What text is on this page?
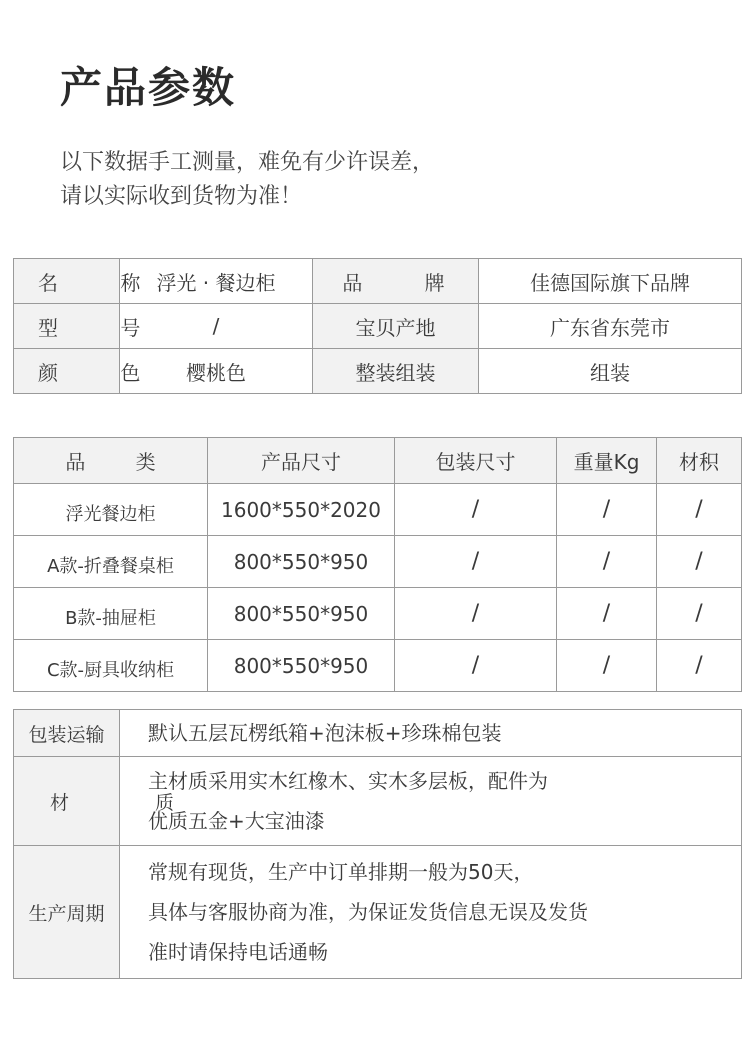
产品参数
以下数据手工测量，难免有少许误差，
请以实际收到货物为准！
名 称	浮光 · 餐边柜	品 牌	佳德国际旗下品牌
型 号	/	宝贝产地	广东省东莞市
颜 色	樱桃色	整装组装	组装
品 类	产品尺寸	包装尺寸	重量Kg	材积
浮光餐边柜	1600*550*2020	/	/	/
A款-折叠餐桌柜	800*550*950	/	/	/
B款-抽屉柜	800*550*950	/	/	/
C款-厨具收纳柜	800*550*950	/	/	/
包装运输	默认五层瓦楞纸箱+泡沫板+珍珠棉包装

材 质	主材质采用实木红橡木、实木多层板，配件为
优质五金+大宝油漆

生产周期	常规有现货，生产中订单排期一般为50天，
具体与客服协商为准，为保证发货信息无误及发货
准时请保持电话通畅
